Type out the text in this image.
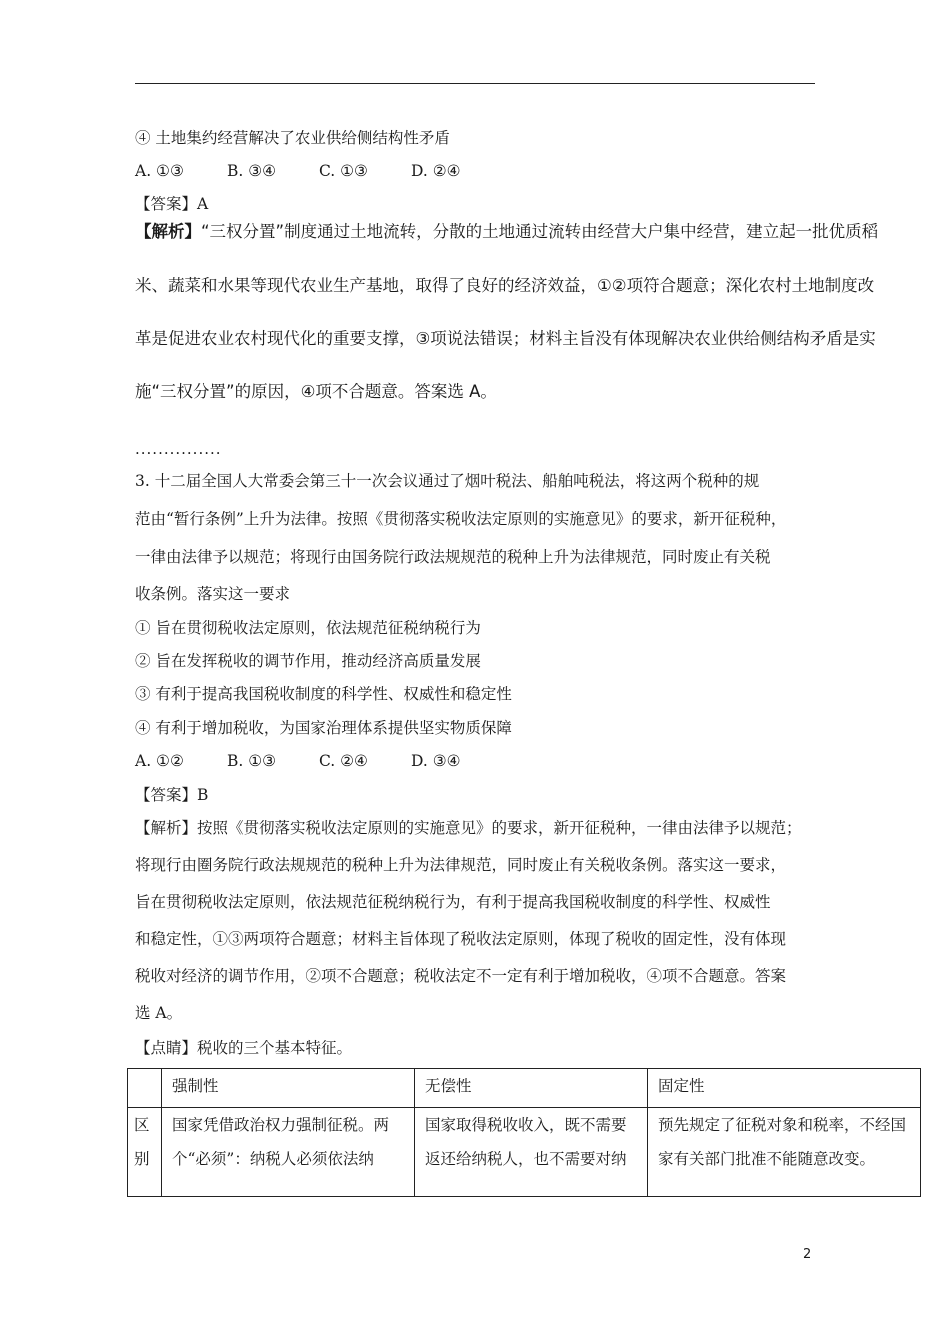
④ 土地集约经营解决了农业供给侧结构性矛盾
A. ①③	B. ③④	C. ①③	D. ②④
【答案】A
【解析】“三权分置”制度通过土地流转，分散的土地通过流转由经营大户集中经营，建立起一批优质稻
米、蔬菜和水果等现代农业生产基地，取得了良好的经济效益，①②项符合题意；深化农村土地制度改
革是促进农业农村现代化的重要支撑，③项说法错误；材料主旨没有体现解决农业供给侧结构矛盾是实
施“三权分置”的原因，④项不合题意。答案选 A。
...............
3. 十二届全国人大常委会第三十一次会议通过了烟叶税法、船舶吨税法，将这两个税种的规
范由“暂行条例”上升为法律。按照《贯彻落实税收法定原则的实施意见》的要求，新开征税种，
一律由法律予以规范；将现行由国务院行政法规规范的税种上升为法律规范，同时废止有关税
收条例。落实这一要求
① 旨在贯彻税收法定原则，依法规范征税纳税行为
② 旨在发挥税收的调节作用，推动经济高质量发展
③ 有利于提高我国税收制度的科学性、权威性和稳定性
④ 有利于增加税收，为国家治理体系提供坚实物质保障
A. ①②	B. ①③	C. ②④	D. ③④
【答案】B
【解析】按照《贯彻落实税收法定原则的实施意见》的要求，新开征税种，一律由法律予以规范；
将现行由圈务院行政法规规范的税种上升为法律规范，同时废止有关税收条例。落实这一要求，
旨在贯彻税收法定原则，依法规范征税纳税行为，有利于提高我国税收制度的科学性、权威性
和稳定性，①③两项符合题意；材料主旨体现了税收法定原则，体现了税收的固定性，没有体现
税收对经济的调节作用，②项不合题意；税收法定不一定有利于增加税收，④项不合题意。答案
选 A。
【点睛】税收的三个基本特征。
	强制性	无偿性	固定性
区
别	国家凭借政治权力强制征税。两个“必须”：纳税人必须依法纳	国家取得税收收入，既不需要返还给纳税人，也不需要对纳	预先规定了征税对象和税率，不经国家有关部门批准不能随意改变。
2
